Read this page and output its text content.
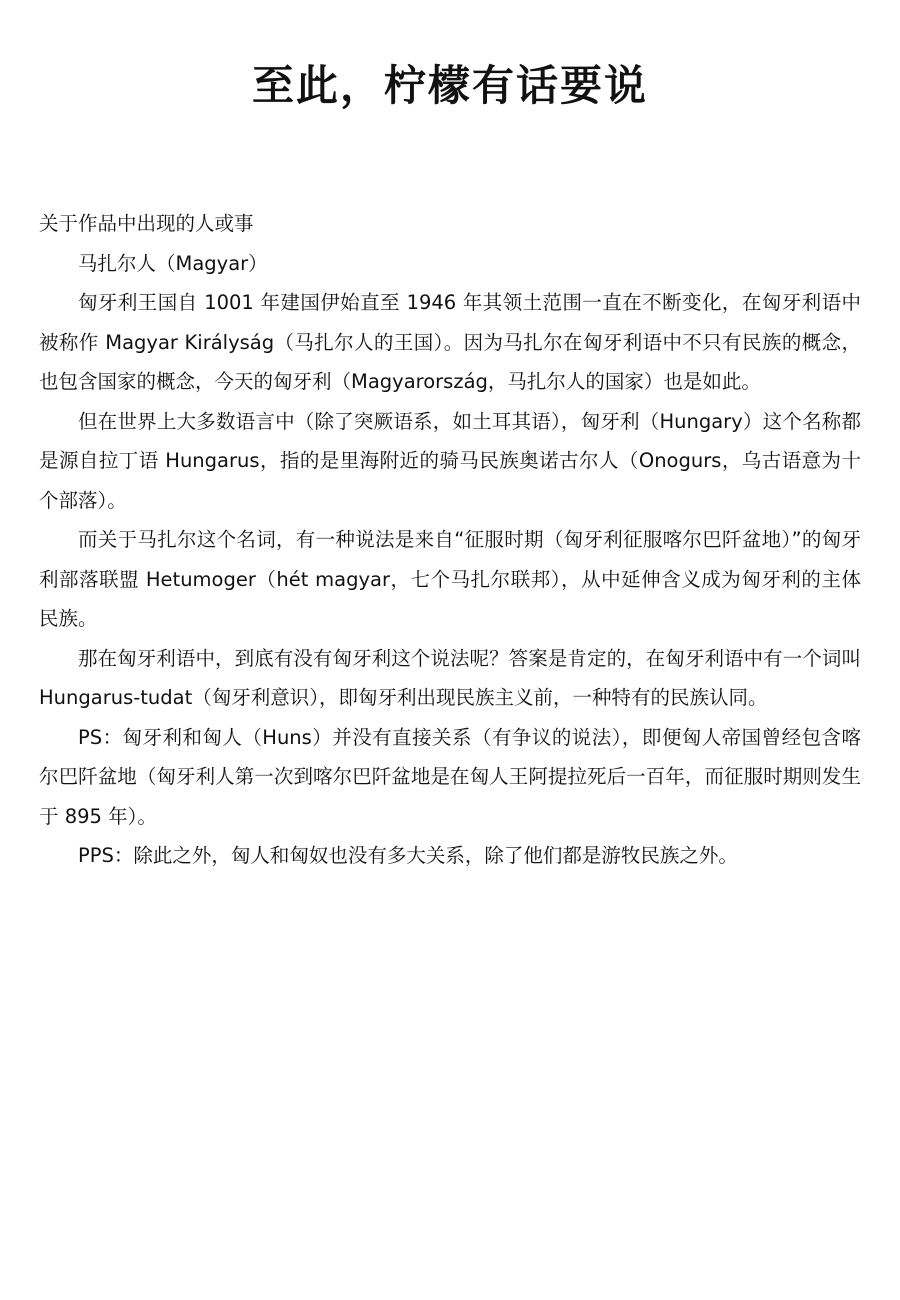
至此，柠檬有话要说

关于作品中出现的人或事

马扎尔人（Magyar）

匈牙利王国自 1001 年建国伊始直至 1946 年其领土范围一直在不断变化，在匈牙利语中被称作 Magyar Királyság（马扎尔人的王国）。因为马扎尔在匈牙利语中不只有民族的概念，也包含国家的概念，今天的匈牙利（Magyarország，马扎尔人的国家）也是如此。

但在世界上大多数语言中（除了突厥语系，如土耳其语），匈牙利（Hungary）这个名称都是源自拉丁语 Hungarus，指的是里海附近的骑马民族奥诺古尔人（Onogurs，乌古语意为十个部落）。

而关于马扎尔这个名词，有一种说法是来自“征服时期（匈牙利征服喀尔巴阡盆地）”的匈牙利部落联盟 Hetumoger（hét magyar，七个马扎尔联邦），从中延伸含义成为匈牙利的主体民族。

那在匈牙利语中，到底有没有匈牙利这个说法呢？答案是肯定的，在匈牙利语中有一个词叫 Hungarus-tudat（匈牙利意识），即匈牙利出现民族主义前，一种特有的民族认同。

PS：匈牙利和匈人（Huns）并没有直接关系（有争议的说法），即便匈人帝国曾经包含喀尔巴阡盆地（匈牙利人第一次到喀尔巴阡盆地是在匈人王阿提拉死后一百年，而征服时期则发生于 895 年）。

PPS：除此之外，匈人和匈奴也没有多大关系，除了他们都是游牧民族之外。
